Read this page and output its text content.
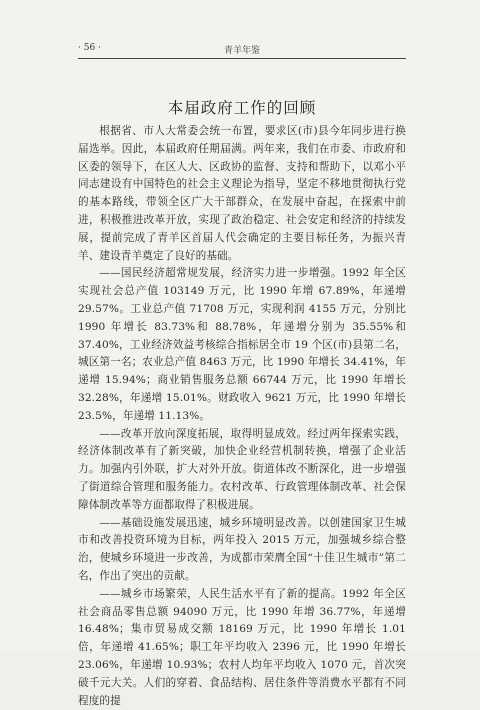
· 56 ·	青羊年鉴
本届政府工作的回顾

根据省、市人大常委会统一布置，要求区(市)县今年同步进行换届选举。因此，本届政府任期届满。两年来，我们在市委、市政府和区委的领导下，在区人大、区政协的监督、支持和帮助下，以邓小平同志建设有中国特色的社会主义理论为指导，坚定不移地贯彻执行党的基本路线，带领全区广大干部群众，在发展中奋起，在探索中前进，积极推进改革开放，实现了政治稳定、社会安定和经济的持续发展，提前完成了青羊区首届人代会确定的主要目标任务，为振兴青羊、建设青羊奠定了良好的基础。

——国民经济超常规发展，经济实力进一步增强。1992 年全区实现社会总产值 103149 万元，比 1990 年增 67.89%，年递增 29.57%。工业总产值 71708 万元，实现利润 4155 万元，分别比 1990 年增长 83.73%和 88.78%，年递增分别为 35.55%和 37.40%，工业经济效益考核综合指标居全市 19 个区(市)县第二名，城区第一名；农业总产值 8463 万元，比 1990 年增长 34.41%，年递增 15.94%；商业销售服务总额 66744 万元，比 1990 年增长 32.28%，年递增 15.01%。财政收入 9621 万元，比 1990 年增长 23.5%，年递增 11.13%。

——改革开放向深度拓展，取得明显成效。经过两年探索实践，经济体制改革有了新突破，加快企业经营机制转换，增强了企业活力。加强内引外联，扩大对外开放。街道体改不断深化，进一步增强了街道综合管理和服务能力。农村改革、行政管理体制改革、社会保障体制改革等方面都取得了积极进展。

——基础设施发展迅速，城乡环境明显改善。以创建国家卫生城市和改善投资环境为目标，两年投入 2015 万元，加强城乡综合整治，使城乡环境进一步改善，为成都市荣膺全国“十佳卫生城市”第二名，作出了突出的贡献。

——城乡市场繁荣，人民生活水平有了新的提高。1992 年全区社会商品零售总额 94090 万元，比 1990 年增 36.77%，年递增 16.48%；集市贸易成交额 18169 万元，比 1990 年增长 1.01 倍，年递增 41.65%；职工年平均收入 2396 元，比 1990 年增长 23.06%，年递增 10.93%；农村人均年平均收入 1070 元，首次突破千元大关。人们的穿着、食品结构、居住条件等消费水平都有不同程度的提
